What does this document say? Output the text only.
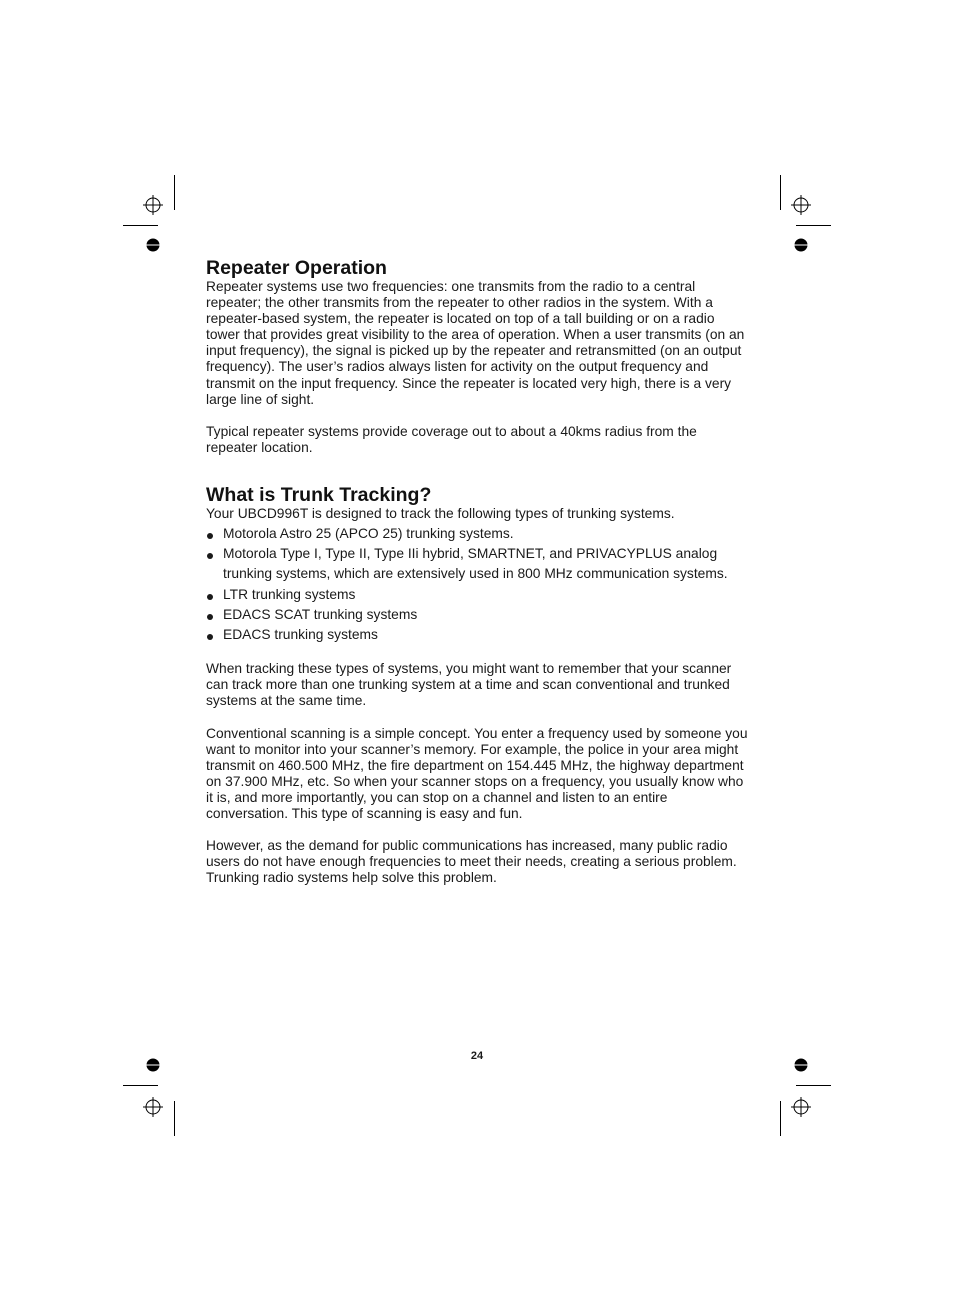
Repeater Operation

Repeater systems use two frequencies: one transmits from the radio to a central repeater; the other transmits from the repeater to other radios in the system. With a repeater-based system, the repeater is located on top of a tall building or on a radio tower that provides great visibility to the area of operation. When a user transmits (on an input frequency), the signal is picked up by the repeater and retransmitted (on an output frequency). The user’s radios always listen for activity on the output frequency and transmit on the input frequency. Since the repeater is located very high, there is a very large line of sight.

Typical repeater systems provide coverage out to about a 40kms radius from the repeater location.

What is Trunk Tracking?

Your UBCD996T is designed to track the following types of trunking systems.

Motorola Astro 25 (APCO 25) trunking systems.
Motorola Type I, Type II, Type IIi hybrid, SMARTNET, and PRIVACYPLUS analog trunking systems, which are extensively used in 800 MHz communication systems.
LTR trunking systems
EDACS SCAT trunking systems
EDACS trunking systems

When tracking these types of systems, you might want to remember that your scanner can track more than one trunking system at a time and scan conventional and trunked systems at the same time.

Conventional scanning is a simple concept. You enter a frequency used by someone you want to monitor into your scanner’s memory. For example, the police in your area might transmit on 460.500 MHz, the fire department on 154.445 MHz, the highway department on 37.900 MHz, etc. So when your scanner stops on a frequency, you usually know who it is, and more importantly, you can stop on a channel and listen to an entire conversation. This type of scanning is easy and fun.

However, as the demand for public communications has increased, many public radio users do not have enough frequencies to meet their needs, creating a serious problem. Trunking radio systems help solve this problem.

24
